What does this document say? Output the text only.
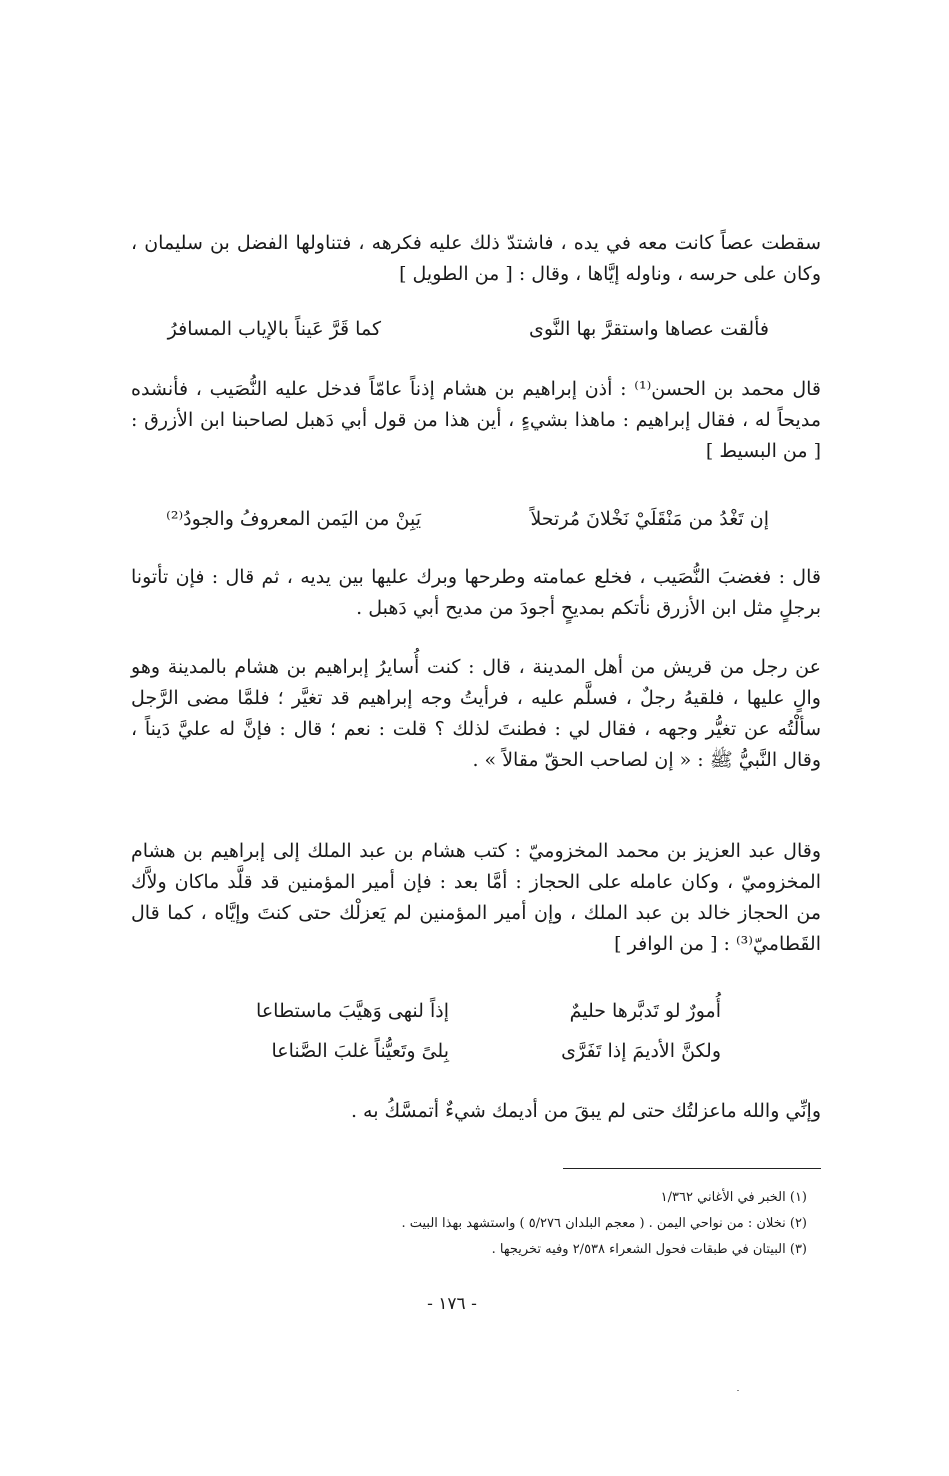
سقطت عصاً كانت معه في يده ، فاشتدّ ذلك عليه فكرهه ، فتناولها الفضل بن سليمان ، وكان على حرسه ، وناوله إيَّاها ، وقال : [ من الطويل ]

فألقت عصاها واستقرَّ بها النَّوى
كما قَرَّ عَيناً بالإياب المسافرُ

قال محمد بن الحسن⁽¹⁾ : أذن إبراهيم بن هشام إذناً عامّاً فدخل عليه النُّصَيب ، فأنشده مديحاً له ، فقال إبراهيم : ماهذا بشيءٍ ، أين هذا من قول أبي دَهبل لصاحبنا ابن الأزرق : [ من البسيط ]

إن تَغْدُ من مَنْقَلَيْ نَخْلانَ مُرتحلاً
يَبِنْ من اليَمن المعروفُ والجودُ⁽²⁾

قال : فغضبَ النُّصَيب ، فخلع عمامته وطرحها وبرك عليها بين يديه ، ثم قال : فإن تأتونا برجلٍ مثل ابن الأزرق نأتكم بمديحٍ أجودَ من مديح أبي دَهبل .

عن رجل من قريش من أهل المدينة ، قال : كنت أُسايرُ إبراهيم بن هشام بالمدينة وهو والٍ عليها ، فلقيهُ رجلٌ ، فسلَّم عليه ، فرأيتُ وجه إبراهيم قد تغيَّر ؛ فلمَّا مضى الرَّجل سألْتُه عن تغيُّر وجهه ، فقال لي : فطنتَ لذلك ؟ قلت : نعم ؛ قال : فإنَّ له عليَّ دَيناً ، وقال النَّبيُّ ﷺ : « إن لصاحب الحقّ مقالاً » .

وقال عبد العزيز بن محمد المخزوميّ : كتب هشام بن عبد الملك إلى إبراهيم بن هشام المخزوميّ ، وكان عامله على الحجاز : أمَّا بعد : فإن أمير المؤمنين قد قلَّد ماكان ولاَّك من الحجاز خالد بن عبد الملك ، وإن أمير المؤمنين لم يَعزلْك حتى كنتَ وإيَّاه ، كما قال القَطاميّ⁽³⁾ : [ من الوافر ]

أُمورٌ لو تَدبَّرها حليمٌ
إذاً لنهى وَهيَّبَ ماستطاعا
ولكنَّ الأديمَ إذا تَفَرَّى
بِلىً وتَعيُّناً غلبَ الصَّناعا

وإنِّي والله ماعزلتُك حتى لم يبقَ من أديمك شيءٌ أتمسَّكُ به .

(١) الخبر في الأغاني ١/٣٦٢

(٢) نخلان : من نواحي اليمن . ( معجم البلدان ٥/٢٧٦ ) واستشهد بهذا البيت .

(٣) البيتان في طبقات فحول الشعراء ٢/٥٣٨ وفيه تخريجها .

- ١٧٦ -
